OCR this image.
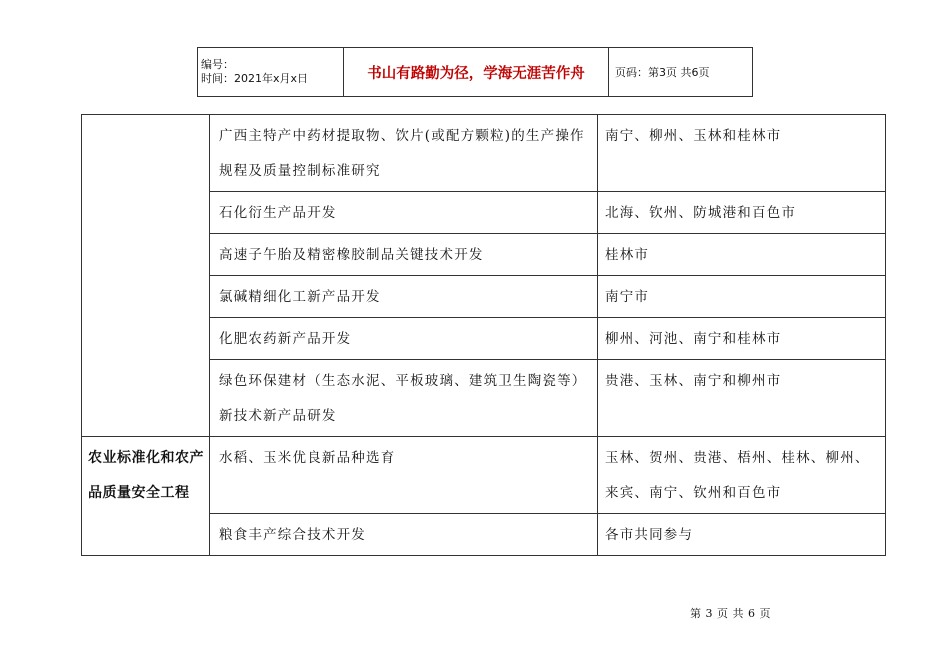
编号：
时间：2021年x月x日	书山有路勤为径，学海无涯苦作舟	页码：第3页 共6页
	广西主特产中药材提取物、饮片(或配方颗粒)的生产操作规程及质量控制标准研究	南宁、柳州、玉林和桂林市
	石化衍生产品开发	北海、钦州、防城港和百色市
	高速子午胎及精密橡胶制品关键技术开发	桂林市
	氯碱精细化工新产品开发	南宁市
	化肥农药新产品开发	柳州、河池、南宁和桂林市
	绿色环保建材（生态水泥、平板玻璃、建筑卫生陶瓷等）新技术新产品研发	贵港、玉林、南宁和柳州市
农业标准化和农产品质量安全工程	水稻、玉米优良新品种选育	玉林、贺州、贵港、梧州、桂林、柳州、来宾、南宁、钦州和百色市
	粮食丰产综合技术开发	各市共同参与
第 3 页 共 6 页
